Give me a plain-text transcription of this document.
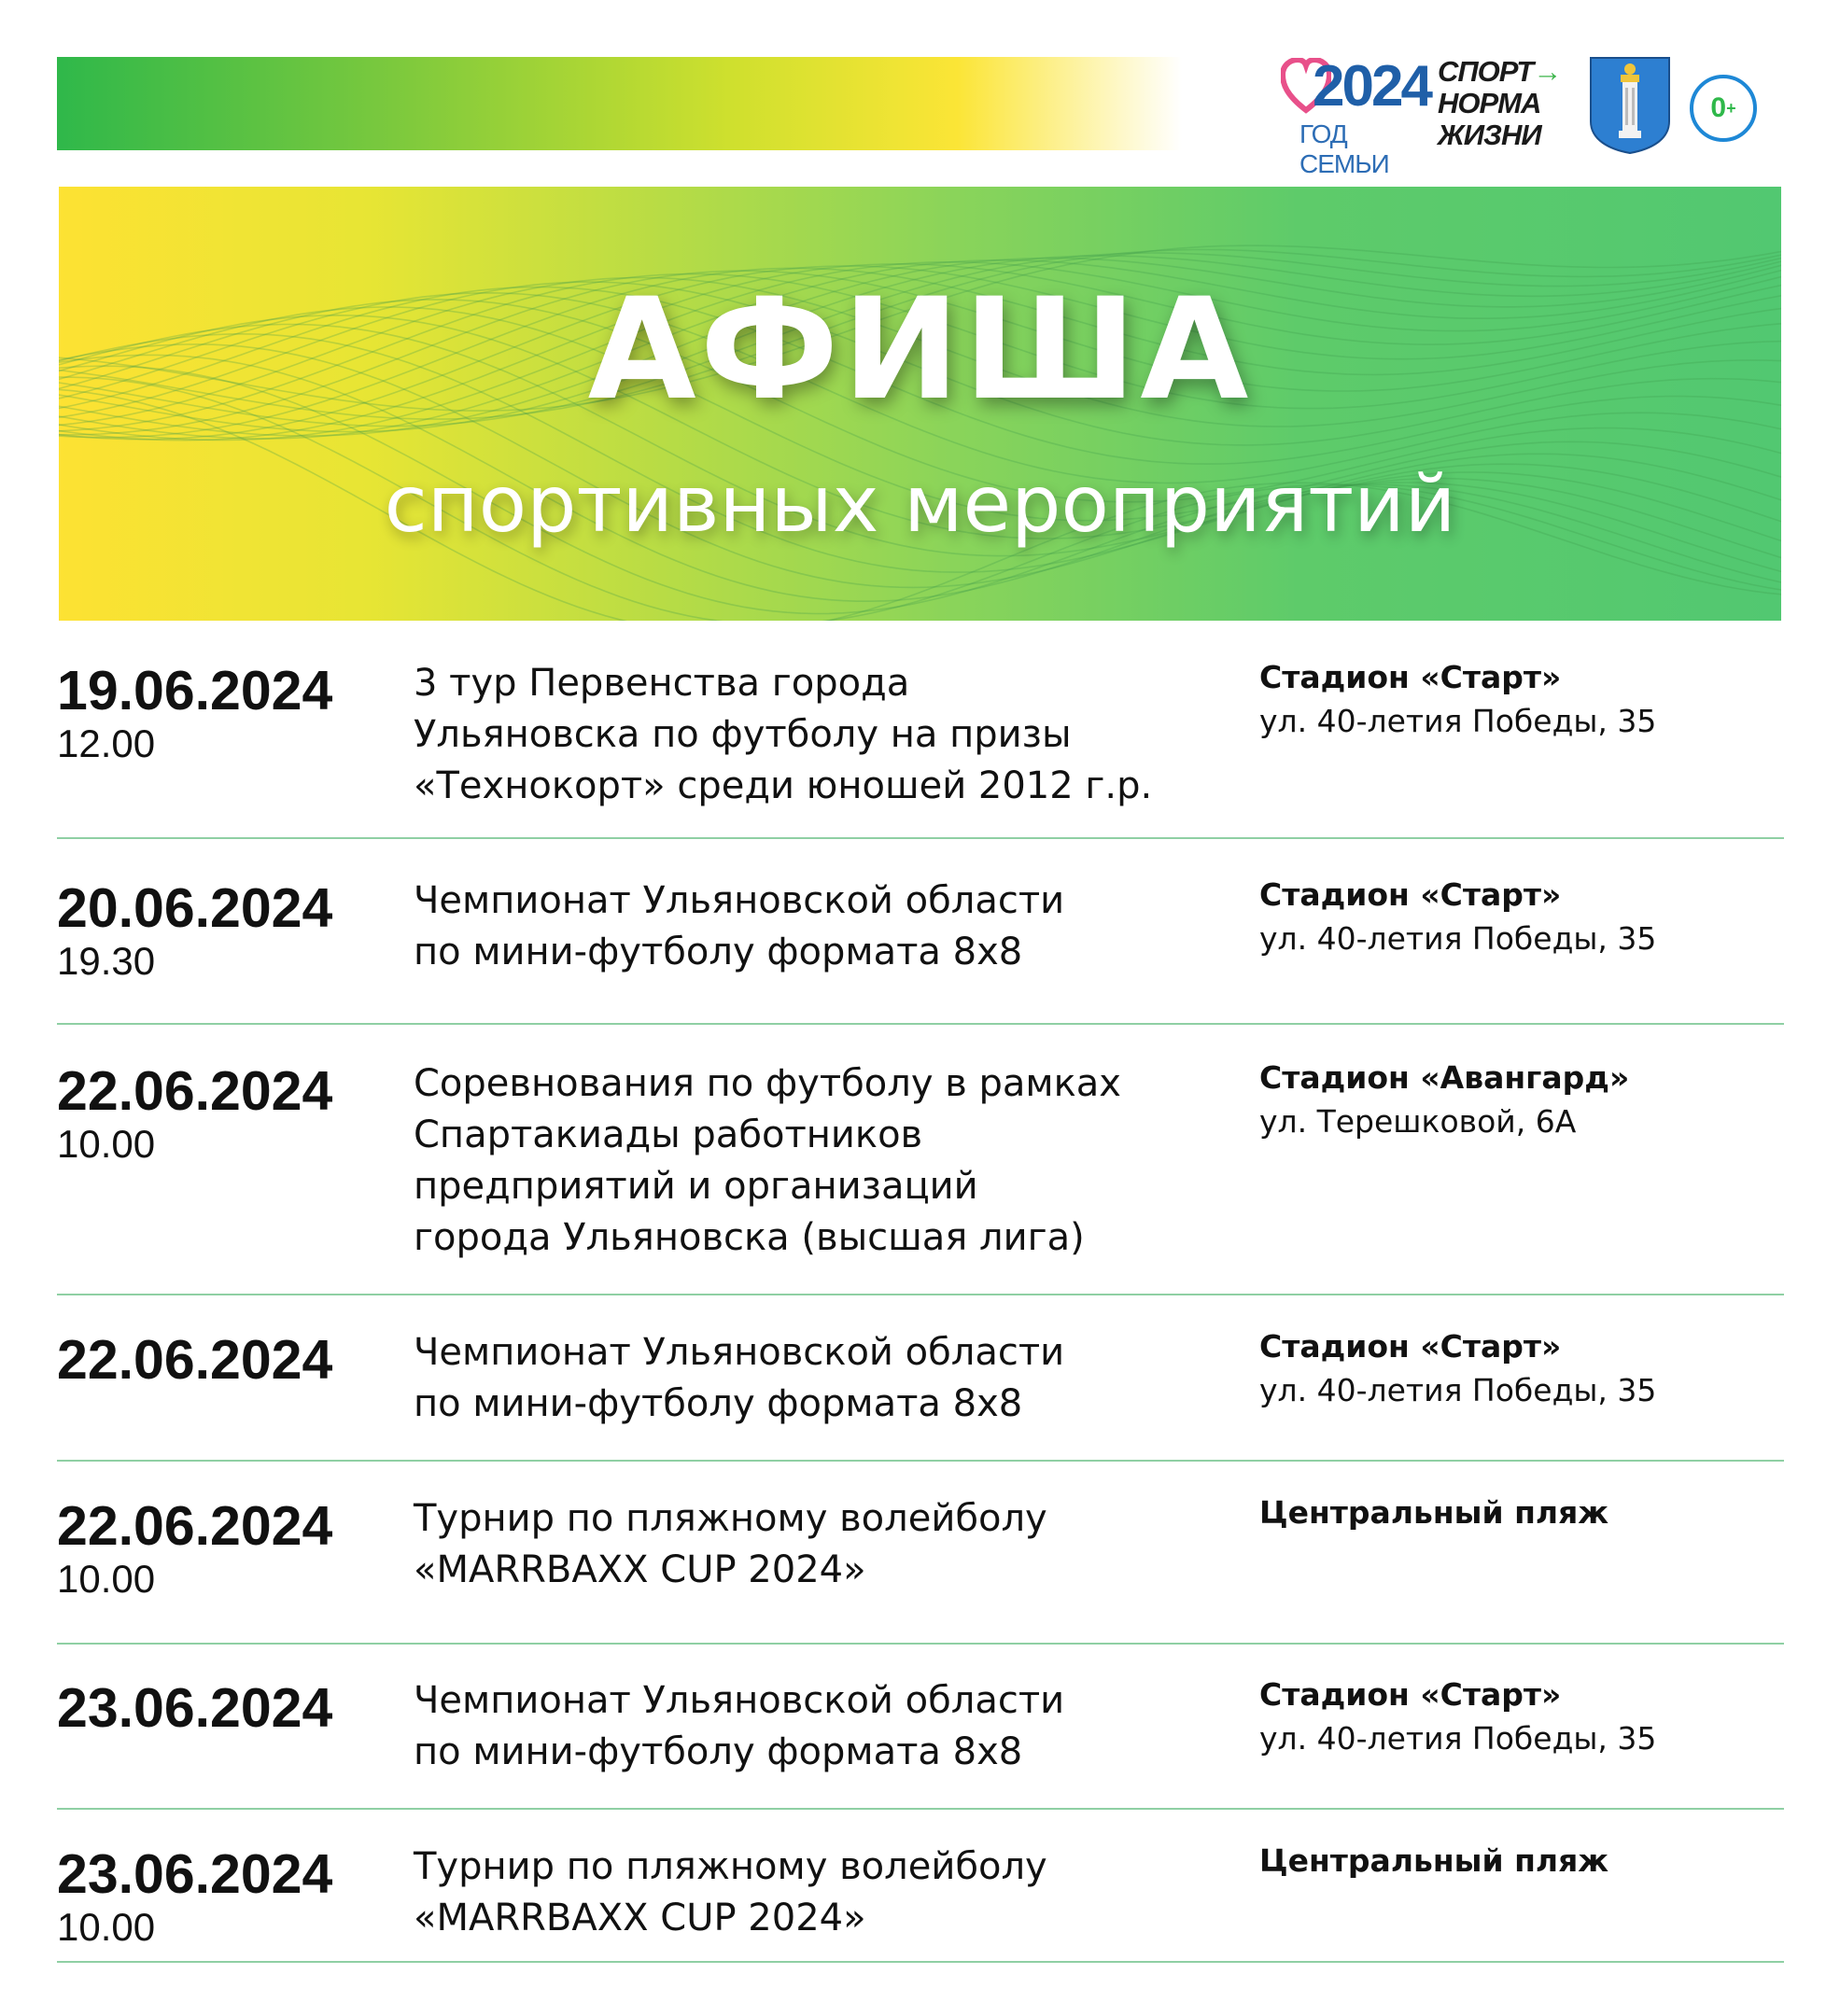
2024
ГОД СЕМЬИ
СПОРТ→
НОРМА
ЖИЗНИ
0 +
АФИША
спортивных мероприятий
19.06.2024
12.00
3 тур Первенства города
Ульяновска по футболу на призы
«Технокорт» среди юношей 2012 г.р.
Стадион «Старт»
ул. 40-летия Победы, 35
20.06.2024
19.30
Чемпионат Ульяновской области
по мини-футболу формата 8х8
Стадион «Старт»
ул. 40-летия Победы, 35
22.06.2024
10.00
Соревнования по футболу в рамках
Спартакиады работников
предприятий и организаций
города Ульяновска (высшая лига)
Стадион «Авангард»
ул. Терешковой, 6А
22.06.2024 Чемпионат Ульяновской области
по мини-футболу формата 8х8
Стадион «Старт»
ул. 40-летия Победы, 35
22.06.2024
10.00
Турнир по пляжному волейболу
«MARRBAXX CUP 2024»
Центральный пляж
23.06.2024 Чемпионат Ульяновской области
по мини-футболу формата 8х8
Стадион «Старт»
ул. 40-летия Победы, 35
23.06.2024
10.00
Турнир по пляжному волейболу
«MARRBAXX CUP 2024»
Центральный пляж
